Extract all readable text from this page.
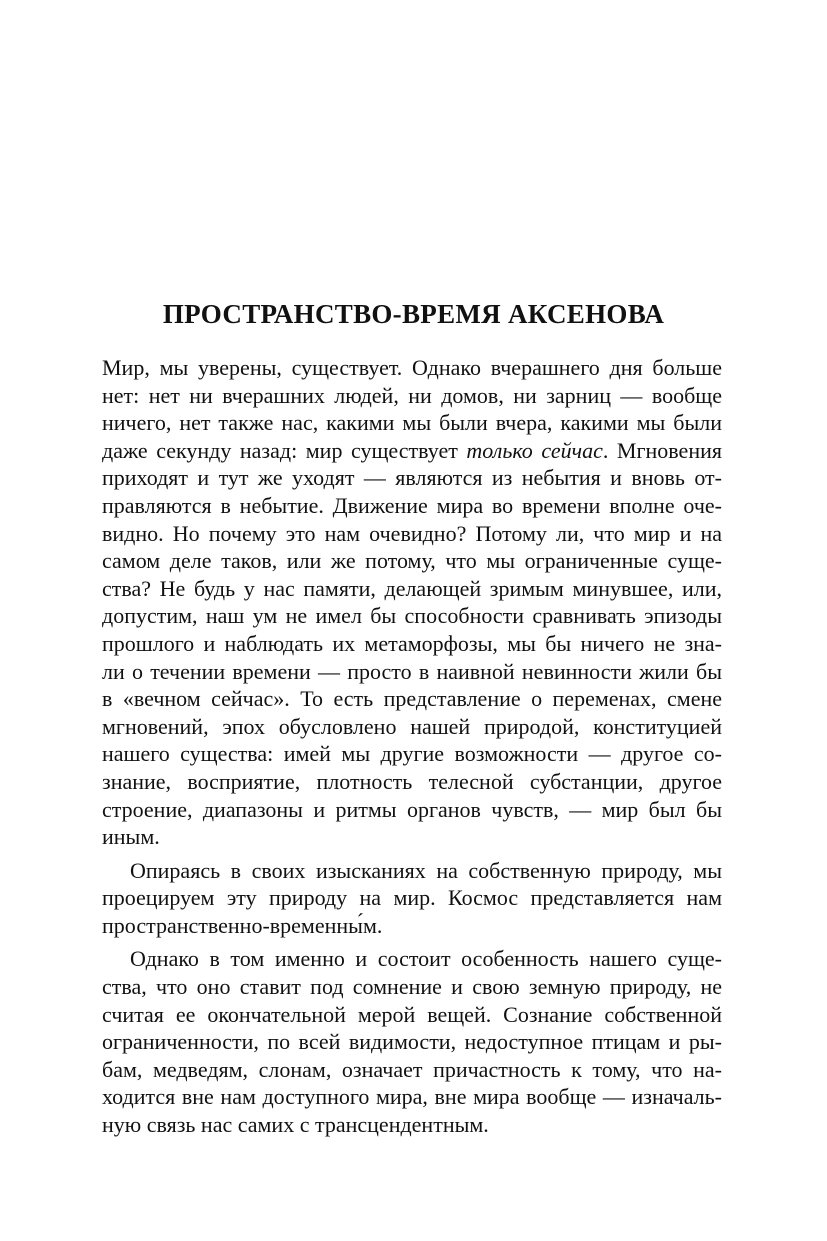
ПРОСТРАНСТВО-ВРЕМЯ АКСЕНОВА
Мир, мы уверены, существует. Однако вчерашнего дня больше
нет: нет ни вчерашних людей, ни домов, ни зарниц — вообще
ничего, нет также нас, какими мы были вчера, какими мы были
даже секунду назад: мир существует только сейчас. Мгновения
приходят и тут же уходят — являются из небытия и вновь от-
правляются в небытие. Движение мира во времени вполне оче-
видно. Но почему это нам очевидно? Потому ли, что мир и на
самом деле таков, или же потому, что мы ограниченные суще-
ства? Не будь у нас памяти, делающей зримым минувшее, или,
допустим, наш ум не имел бы способности сравнивать эпизоды
прошлого и наблюдать их метаморфозы, мы бы ничего не зна-
ли о течении времени — просто в наивной невинности жили бы
в «вечном сейчас». То есть представление о переменах, смене
мгновений, эпох обусловлено нашей природой, конституцией
нашего существа: имей мы другие возможности — другое со-
знание, восприятие, плотность телесной субстанции, другое
строение, диапазоны и ритмы органов чувств, — мир был бы
иным.
Опираясь в своих изысканиях на собственную природу, мы
проецируем эту природу на мир. Космос представляется нам
пространственно-временны́м.
Однако в том именно и состоит особенность нашего суще-
ства, что оно ставит под сомнение и свою земную природу, не
считая ее окончательной мерой вещей. Сознание собственной
ограниченности, по всей видимости, недоступное птицам и ры-
бам, медведям, слонам, означает причастность к тому, что на-
ходится вне нам доступного мира, вне мира вообще — изначаль-
ную связь нас самих с трансцендентным.
